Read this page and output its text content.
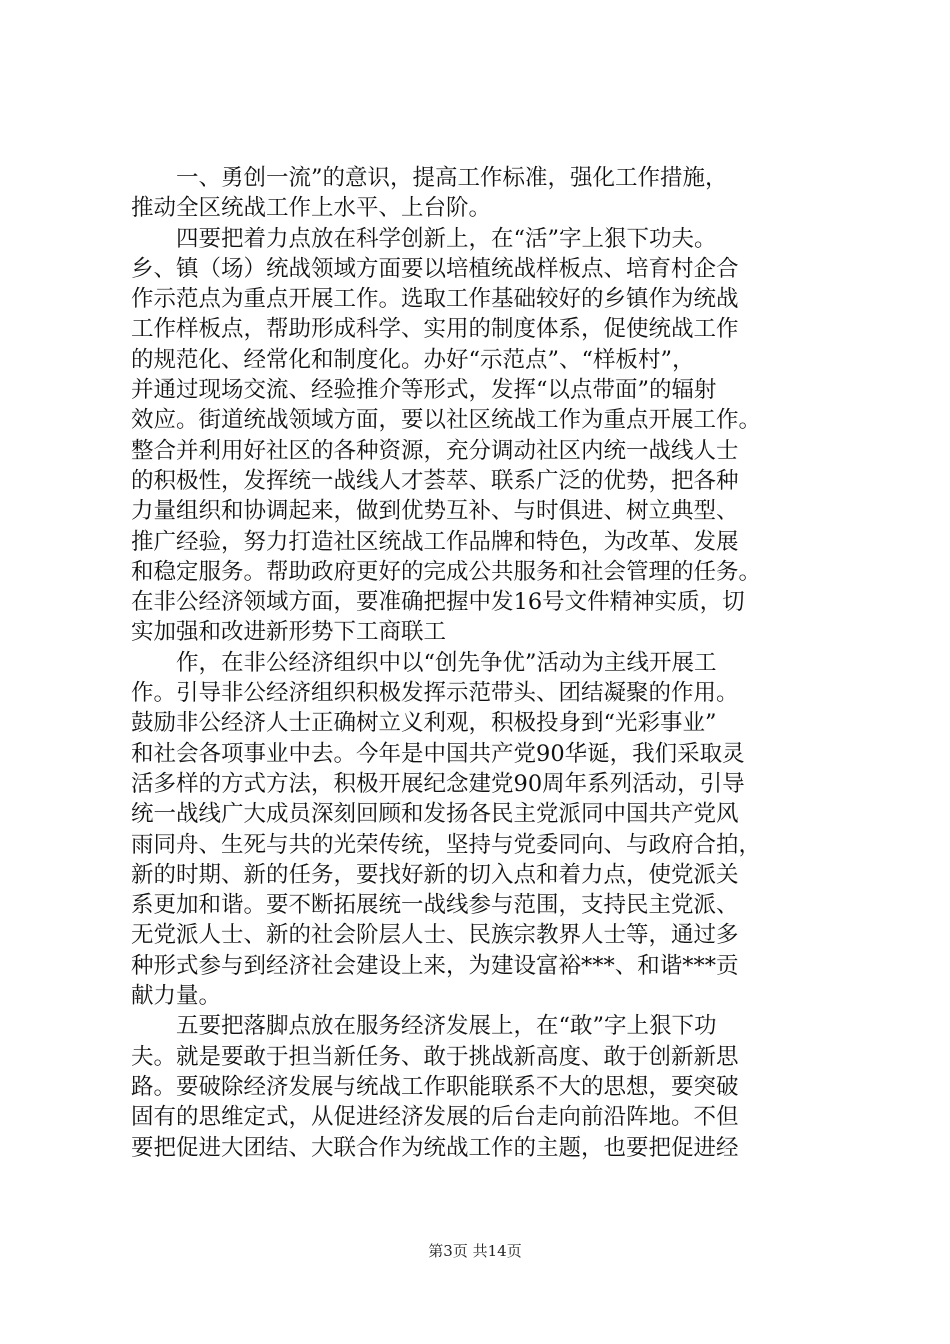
　　一、勇创一流”的意识，提高工作标准，强化工作措施，
推动全区统战工作上水平、上台阶。
　　四要把着力点放在科学创新上，在“活”字上狠下功夫。
乡、镇（场）统战领域方面要以培植统战样板点、培育村企合
作示范点为重点开展工作。选取工作基础较好的乡镇作为统战
工作样板点，帮助形成科学、实用的制度体系，促使统战工作
的规范化、经常化和制度化。办好“示范点”、“样板村”，
并通过现场交流、经验推介等形式，发挥“以点带面”的辐射
效应。街道统战领域方面，要以社区统战工作为重点开展工作。
整合并利用好社区的各种资源，充分调动社区内统一战线人士
的积极性，发挥统一战线人才荟萃、联系广泛的优势，把各种
力量组织和协调起来，做到优势互补、与时俱进、树立典型、
推广经验，努力打造社区统战工作品牌和特色，为改革、发展
和稳定服务。帮助政府更好的完成公共服务和社会管理的任务。
在非公经济领域方面，要准确把握中发16号文件精神实质，切
实加强和改进新形势下工商联工
　　作，在非公经济组织中以“创先争优”活动为主线开展工
作。引导非公经济组织积极发挥示范带头、团结凝聚的作用。
鼓励非公经济人士正确树立义利观，积极投身到“光彩事业”
和社会各项事业中去。今年是中国共产党90华诞，我们采取灵
活多样的方式方法，积极开展纪念建党90周年系列活动，引导
统一战线广大成员深刻回顾和发扬各民主党派同中国共产党风
雨同舟、生死与共的光荣传统，坚持与党委同向、与政府合拍，
新的时期、新的任务，要找好新的切入点和着力点，使党派关
系更加和谐。要不断拓展统一战线参与范围，支持民主党派、
无党派人士、新的社会阶层人士、民族宗教界人士等，通过多
种形式参与到经济社会建设上来，为建设富裕***、和谐***贡
献力量。
　　五要把落脚点放在服务经济发展上，在“敢”字上狠下功
夫。就是要敢于担当新任务、敢于挑战新高度、敢于创新新思
路。要破除经济发展与统战工作职能联系不大的思想，要突破
固有的思维定式，从促进经济发展的后台走向前沿阵地。不但
要把促进大团结、大联合作为统战工作的主题，也要把促进经
第3页 共14页
